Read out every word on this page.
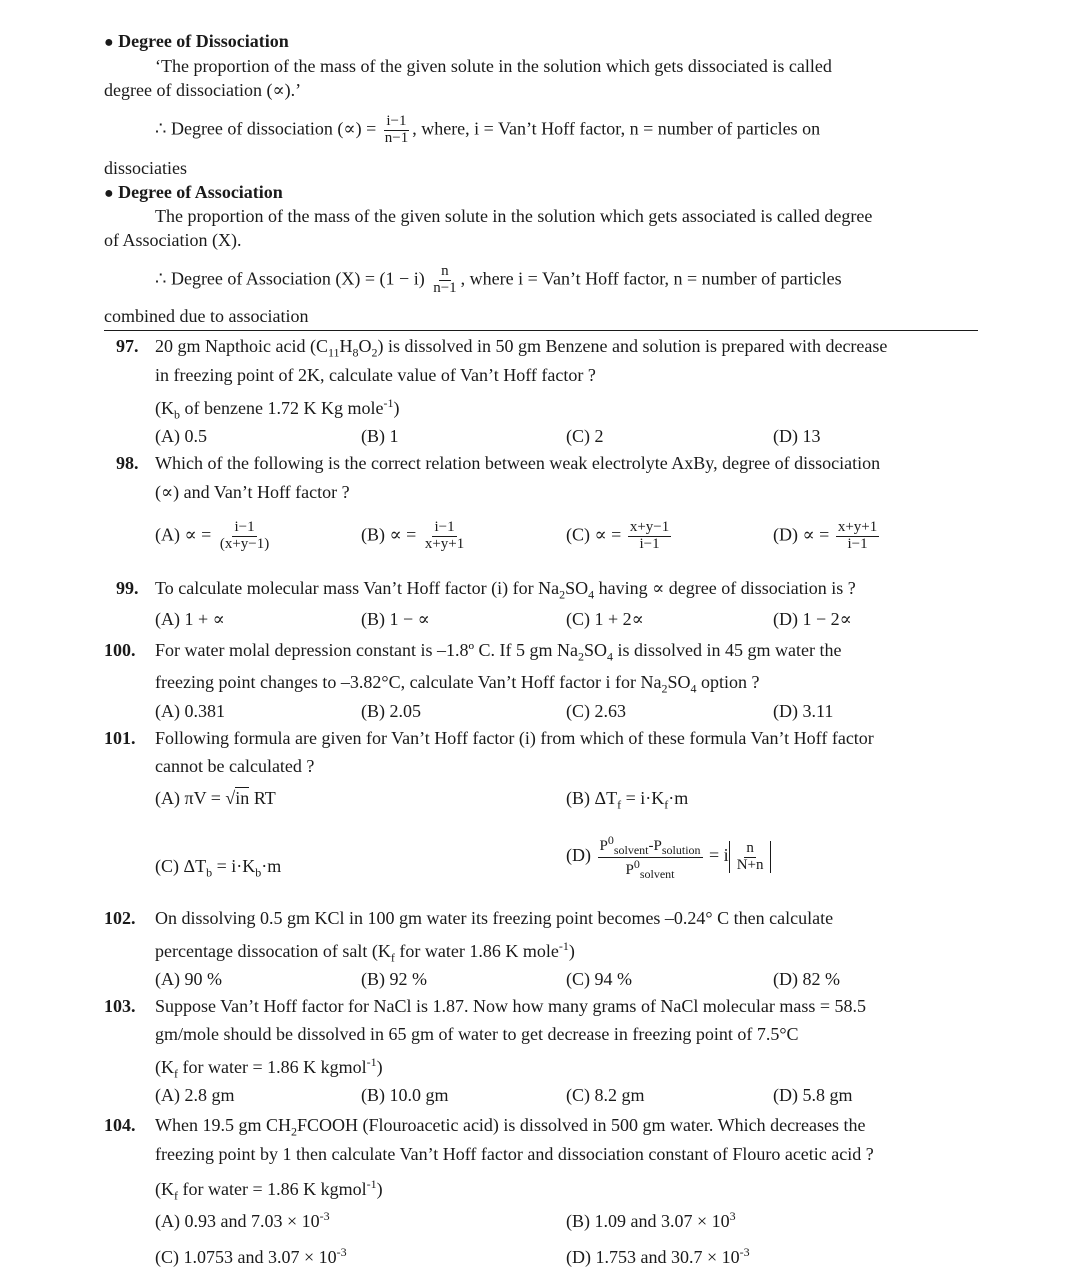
● Degree of Dissociation
‘The proportion of the mass of the given solute in the solution which gets dissociated is called
degree of dissociation (∝).’
∴ Degree of dissociation (∝) = $\frac{i-1}{n-1}$ , where, i = Van’t Hoff factor, n = number of particles on
dissociaties
● Degree of Association
The proportion of the mass of the given solute in the solution which gets associated is called degree
of Association (X).
∴ Degree of Association $(X) = (1 - i) \frac{n}{n-1}$ , where i = Van’t Hoff factor, n = number of particles
combined due to association
97. 20 gm Napthoic acid $(C_{11}H_8O_2)$ is dissolved in 50 gm Benzene and solution is prepared with decrease
in freezing point of 2K, calculate value of Van’t Hoff factor ?
($K_b$ of benzene 1.72 K Kg mole$^{-1}$)
(A) 0.5	(B) 1	(C) 2	(D) 13
98. Which of the following is the correct relation between weak electrolyte AxBy, degree of dissociation
(∝) and Van’t Hoff factor ?
(A) ∝ = $\frac{i-1}{(x+y-1)}$	(B) ∝ = $\frac{i-1}{x+y+1}$	(C) ∝ = $\frac{x+y-1}{i-1}$	(D) ∝ = $\frac{x+y+1}{i-1}$
99. To calculate molecular mass Van’t Hoff factor (i) for $Na_2SO_4$ having ∝ degree of dissociation is ?
(A) 1 + ∝	(B) 1 − ∝	(C) 1 + 2∝	(D) 1 − 2∝
100. For water molal depression constant is –1.8º C. If 5 gm $Na_2SO_4$ is dissolved in 45 gm water the
freezing point changes to –3.82°C, calculate Van’t Hoff factor i for $Na_2SO_4$ option ?
(A) 0.381	(B) 2.05	(C) 2.63	(D) 3.11
101. Following formula are given for Van’t Hoff factor (i) from which of these formula Van’t Hoff factor
cannot be calculated ?
(A) πV = √in RT	(B) $\Delta T_f = i\cdot K_f\cdot m$
(C) $\Delta T_b = i\cdot K_b\cdot m$
$(D) \frac{P^0_{solvent}-P_{solution}}{P^0_{solvent}} = i \frac{n}{N+n}$
102. On dissolving 0.5 gm KCl in 100 gm water its freezing point becomes –0.24° C then calculate
percentage dissocation of salt ($K_f$ for water 1.86 K mole$^{-1}$)
(A) 90 %	(B) 92 %	(C) 94 %	(D) 82 %
103. Suppose Van’t Hoff factor for NaCl is 1.87. Now how many grams of NaCl molecular mass = 58.5
gm/mole should be dissolved in 65 gm of water to get decrease in freezing point of 7.5°C
($K_f$ for water = 1.86 K kgmol$^{-1}$)
(A) 2.8 gm	(B) 10.0 gm	(C) 8.2 gm	(D) 5.8 gm
104. When 19.5 gm $CH_2FCOOH$ (Flouroacetic acid) is dissolved in 500 gm water. Which decreases the
freezing point by 1 then calculate Van’t Hoff factor and dissociation constant of Flouro acetic acid ?
($K_f$ for water = 1.86 K kgmol$^{-1}$)
(A) 0.93 and $7.03 \times 10^{-3}$	(B) 1.09 and $3.07 \times 10^3$
(C) 1.0753 and $3.07 \times 10^{-3}$	(D) 1.753 and $30.7 \times 10^{-3}$
